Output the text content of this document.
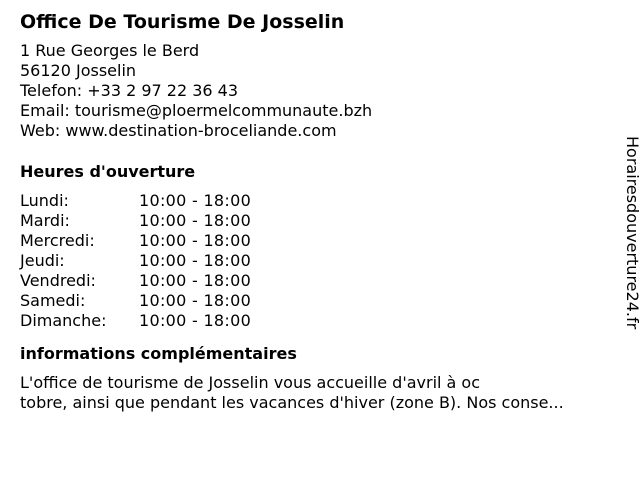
Office De Tourisme De Josselin
1 Rue Georges le Berd
56120 Josselin
Telefon: +33 2 97 22 36 43
Email: tourisme@ploermelcommunaute.bzh
Web: www.destination-broceliande.com
Heures d'ouverture
Lundi:	10:00 - 18:00
Mardi:	10:00 - 18:00
Mercredi:	10:00 - 18:00
Jeudi:	10:00 - 18:00
Vendredi:	10:00 - 18:00
Samedi:	10:00 - 18:00
Dimanche:	10:00 - 18:00
informations complémentaires
L'office de tourisme de Josselin vous accueille d'avril à oc
tobre, ainsi que pendant les vacances d'hiver (zone B). Nos conse...
Horairesdouverture24.fr
